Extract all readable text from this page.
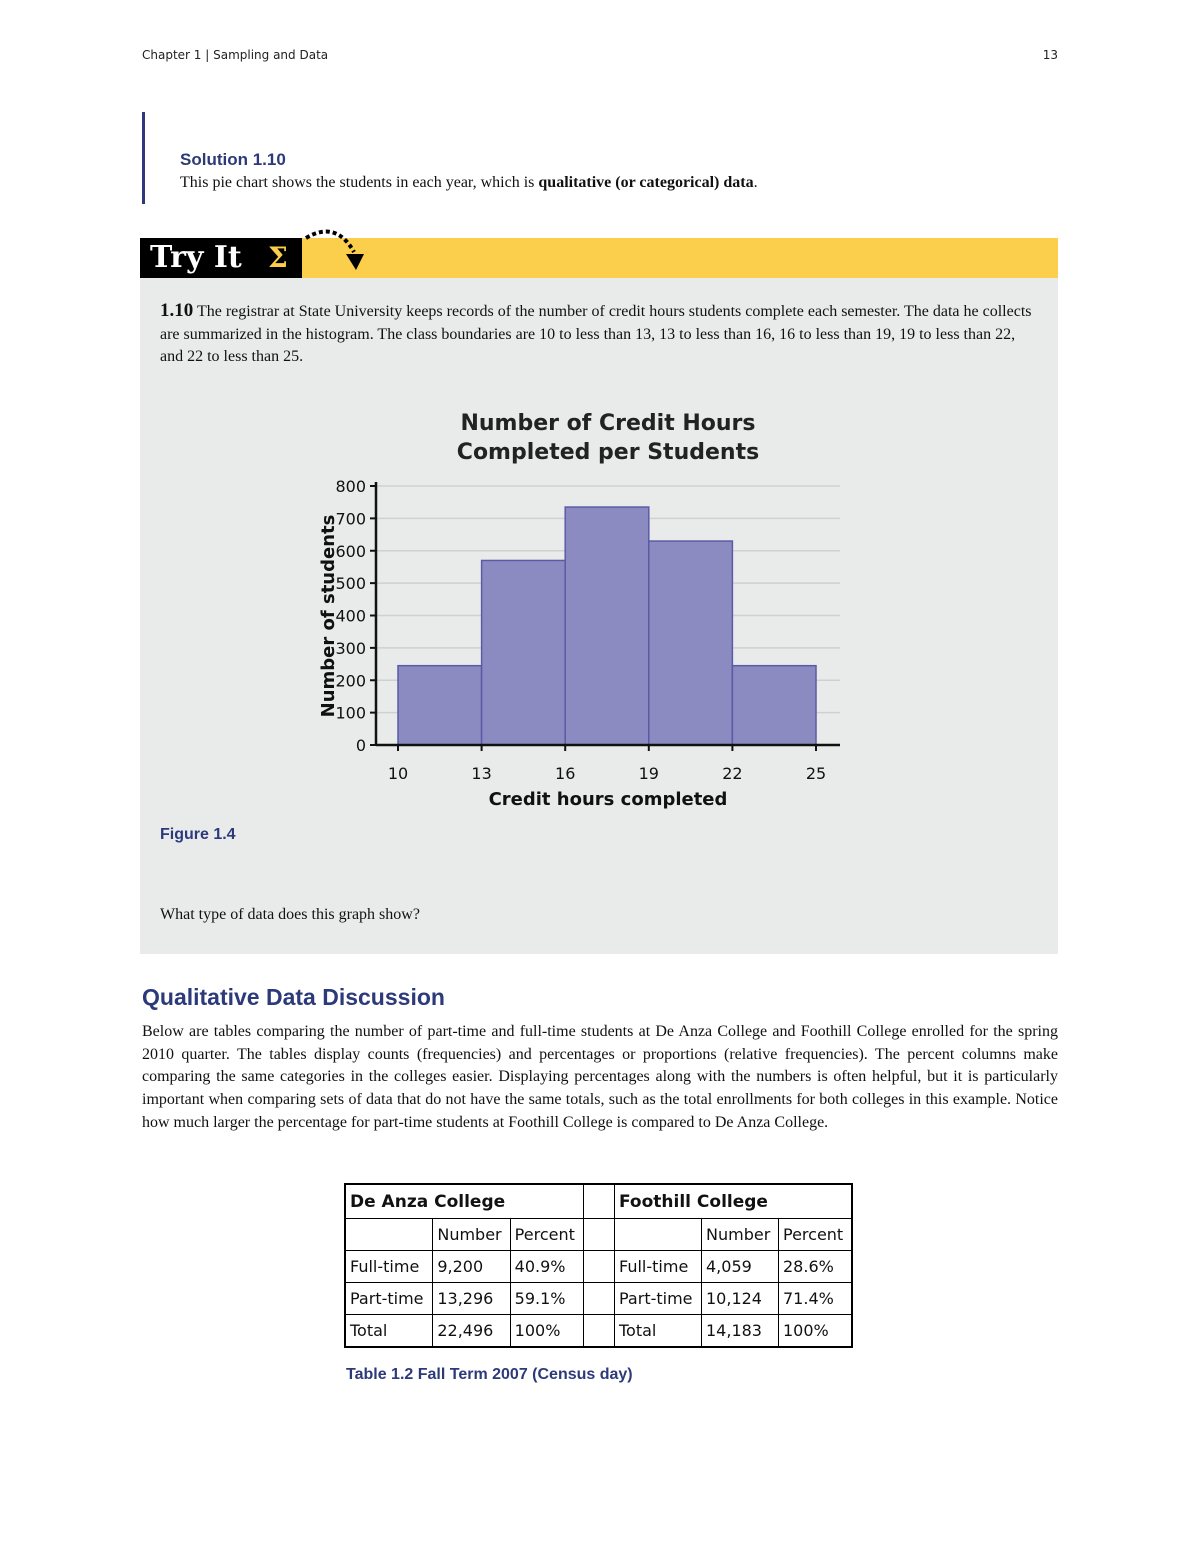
Chapter 1 | Sampling and Data	13
Solution 1.10
This pie chart shows the students in each year, which is qualitative (or categorical) data.
Try It Σ
1.10 The registrar at State University keeps records of the number of credit hours students complete each semester. The data he collects are summarized in the histogram. The class boundaries are 10 to less than 13, 13 to less than 16, 16 to less than 19, 19 to less than 22, and 22 to less than 25.
Number of Credit Hours
Completed per Students
0
100
200
300
400
500
600
700
800
10	13	16	19	22	25
Credit hours completed
Number of students
Figure 1.4
What type of data does this graph show?
Qualitative Data Discussion
Below are tables comparing the number of part-time and full-time students at De Anza College and Foothill College enrolled for the spring 2010 quarter. The tables display counts (frequencies) and percentages or proportions (relative frequencies). The percent columns make comparing the same categories in the colleges easier. Displaying percentages along with the numbers is often helpful, but it is particularly important when comparing sets of data that do not have the same totals, such as the total enrollments for both colleges in this example. Notice how much larger the percentage for part-time students at Foothill College is compared to De Anza College.
De Anza College				Foothill College		
	Number	Percent			Number	Percent
Full-time	9,200	40.9%		Full-time	4,059	28.6%
Part-time	13,296	59.1%		Part-time	10,124	71.4%
Total	22,496	100%		Total	14,183	100%
Table 1.2 Fall Term 2007 (Census day)
